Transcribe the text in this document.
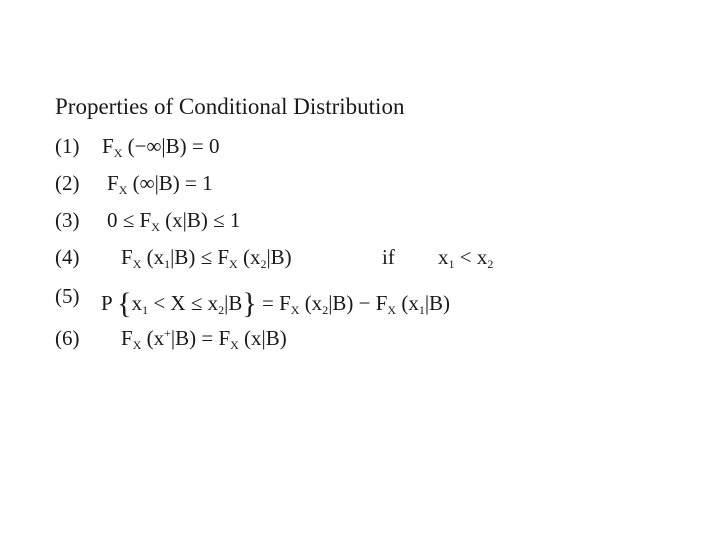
Properties of Conditional Distribution
(1) FX (−∞|B) = 0
(2) FX (∞|B) = 1
(3) 0 ≤ FX (x|B) ≤ 1
(4) FX (x1|B) ≤ FX (x2|B)	if x1 < x2
(5) P {x1 < X ≤ x2|B} = FX (x2|B) − FX (x1|B)
(6) FX (x+|B) = FX (x|B)
